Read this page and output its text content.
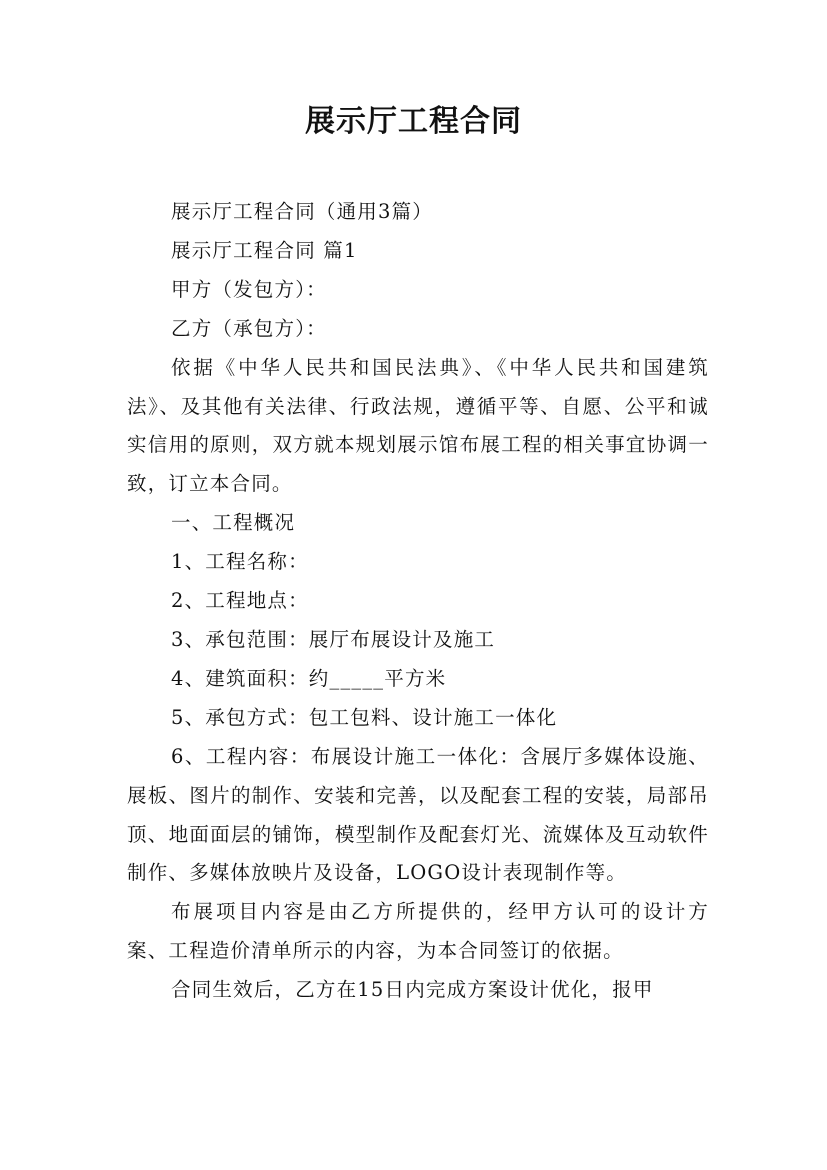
展示厅工程合同

展示厅工程合同（通用3篇）

展示厅工程合同 篇1

甲方（发包方）：

乙方（承包方）：

依据《中华人民共和国民法典》、《中华人民共和国建筑法》、及其他有关法律、行政法规，遵循平等、自愿、公平和诚实信用的原则，双方就本规划展示馆布展工程的相关事宜协调一致，订立本合同。

一、工程概况

1、工程名称：

2、工程地点：

3、承包范围：展厅布展设计及施工

4、建筑面积：约_____平方米

5、承包方式：包工包料、设计施工一体化

6、工程内容：布展设计施工一体化：含展厅多媒体设施、展板、图片的制作、安装和完善，以及配套工程的安装，局部吊顶、地面面层的铺饰，模型制作及配套灯光、流媒体及互动软件制作、多媒体放映片及设备，LOGO设计表现制作等。

布展项目内容是由乙方所提供的，经甲方认可的设计方案、工程造价清单所示的内容，为本合同签订的依据。

合同生效后，乙方在15日内完成方案设计优化，报甲
